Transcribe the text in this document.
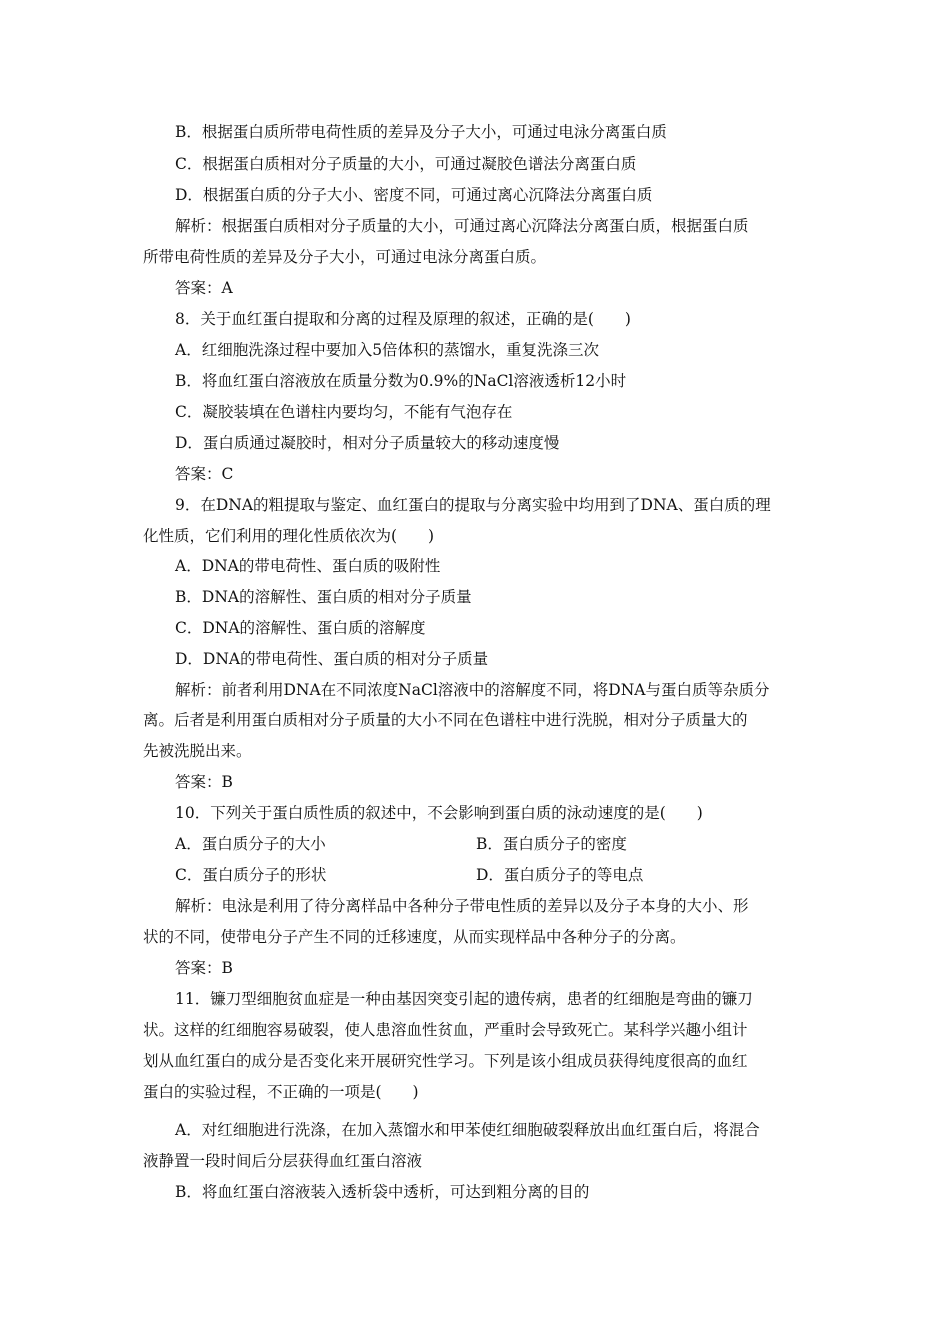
B．根据蛋白质所带电荷性质的差异及分子大小，可通过电泳分离蛋白质
C．根据蛋白质相对分子质量的大小，可通过凝胶色谱法分离蛋白质
D．根据蛋白质的分子大小、密度不同，可通过离心沉降法分离蛋白质
解析：根据蛋白质相对分子质量的大小，可通过离心沉降法分离蛋白质，根据蛋白质
所带电荷性质的差异及分子大小，可通过电泳分离蛋白质。
答案：A
8．关于血红蛋白提取和分离的过程及原理的叙述，正确的是(　　)
A．红细胞洗涤过程中要加入5倍体积的蒸馏水，重复洗涤三次
B．将血红蛋白溶液放在质量分数为0.9%的NaCl溶液透析12小时
C．凝胶装填在色谱柱内要均匀，不能有气泡存在
D．蛋白质通过凝胶时，相对分子质量较大的移动速度慢
答案：C
9．在DNA的粗提取与鉴定、血红蛋白的提取与分离实验中均用到了DNA、蛋白质的理
化性质，它们利用的理化性质依次为(　　)
A．DNA的带电荷性、蛋白质的吸附性
B．DNA的溶解性、蛋白质的相对分子质量
C．DNA的溶解性、蛋白质的溶解度
D．DNA的带电荷性、蛋白质的相对分子质量
解析：前者利用DNA在不同浓度NaCl溶液中的溶解度不同，将DNA与蛋白质等杂质分
离。后者是利用蛋白质相对分子质量的大小不同在色谱柱中进行洗脱，相对分子质量大的
先被洗脱出来。
答案：B
10．下列关于蛋白质性质的叙述中，不会影响到蛋白质的泳动速度的是(　　)
A．蛋白质分子的大小	B．蛋白质分子的密度
C．蛋白质分子的形状	D．蛋白质分子的等电点
解析：电泳是利用了待分离样品中各种分子带电性质的差异以及分子本身的大小、形
状的不同，使带电分子产生不同的迁移速度，从而实现样品中各种分子的分离。
答案：B
11．镰刀型细胞贫血症是一种由基因突变引起的遗传病，患者的红细胞是弯曲的镰刀
状。这样的红细胞容易破裂，使人患溶血性贫血，严重时会导致死亡。某科学兴趣小组计
划从血红蛋白的成分是否变化来开展研究性学习。下列是该小组成员获得纯度很高的血红
蛋白的实验过程，不正确的一项是(　　)
A．对红细胞进行洗涤，在加入蒸馏水和甲苯使红细胞破裂释放出血红蛋白后，将混合
液静置一段时间后分层获得血红蛋白溶液
B．将血红蛋白溶液装入透析袋中透析，可达到粗分离的目的
